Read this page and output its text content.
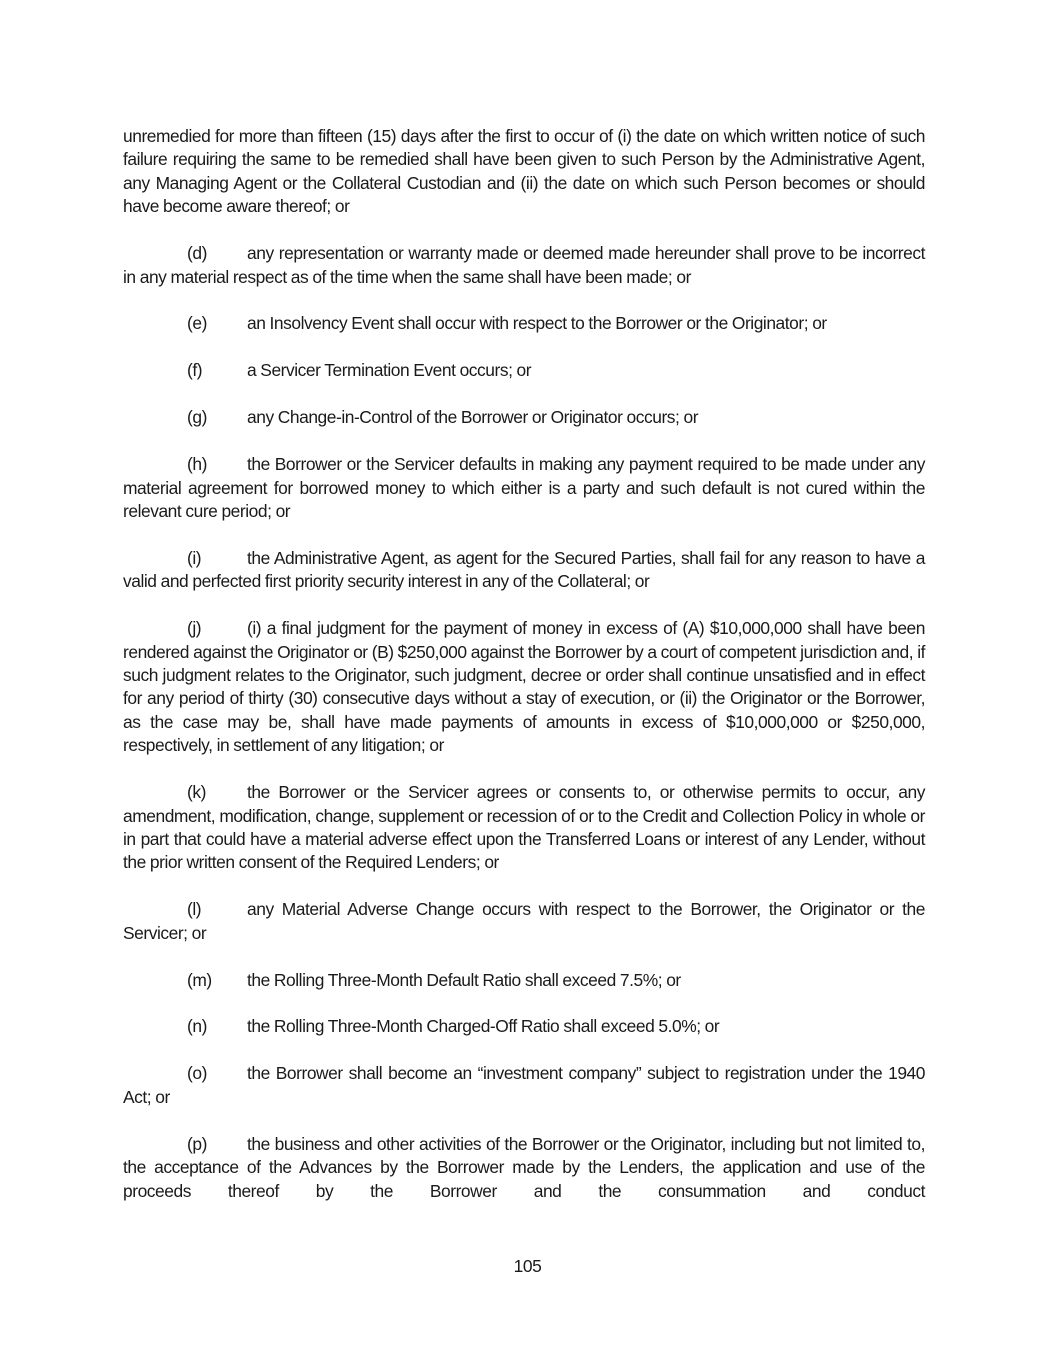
unremedied for more than fifteen (15) days after the first to occur of (i) the date on which written notice of such failure requiring the same to be remedied shall have been given to such Person by the Administrative Agent, any Managing Agent or the Collateral Custodian and (ii) the date on which such Person becomes or should have become aware thereof; or

(d) any representation or warranty made or deemed made hereunder shall prove to be incorrect in any material respect as of the time when the same shall have been made; or

(e) an Insolvency Event shall occur with respect to the Borrower or the Originator; or

(f)	a Servicer Termination Event occurs; or

(g) any Change-in-Control of the Borrower or Originator occurs; or

(h) the Borrower or the Servicer defaults in making any payment required to be made under any material agreement for borrowed money to which either is a party and such default is not cured within the relevant cure period; or

(i)	the Administrative Agent, as agent for the Secured Parties, shall fail for any reason to have a valid and perfected first priority security interest in any of the Collateral; or

(j)	(i) a final judgment for the payment of money in excess of (A) $10,000,000 shall have been rendered against the Originator or (B) $250,000 against the Borrower by a court of competent jurisdiction and, if such judgment relates to the Originator, such judgment, decree or order shall continue unsatisfied and in effect for any period of thirty (30) consecutive days without a stay of execution, or (ii) the Originator or the Borrower, as the case may be, shall have made payments of amounts in excess of $10,000,000 or $250,000, respectively, in settlement of any litigation; or

(k) the Borrower or the Servicer agrees or consents to, or otherwise permits to occur, any amendment, modification, change, supplement or recession of or to the Credit and Collection Policy in whole or in part that could have a material adverse effect upon the Transferred Loans or interest of any Lender, without the prior written consent of the Required Lenders; or

(l)	any Material Adverse Change occurs with respect to the Borrower, the Originator or the Servicer; or

(m) the Rolling Three-Month Default Ratio shall exceed 7.5%; or

(n) the Rolling Three-Month Charged-Off Ratio shall exceed 5.0%; or

(o) the Borrower shall become an “investment company” subject to registration under the 1940 Act; or

(p) the business and other activities of the Borrower or the Originator, including but not limited to, the acceptance of the Advances by the Borrower made by the Lenders, the application and use of the proceeds thereof by the Borrower and the consummation and conduct

105
